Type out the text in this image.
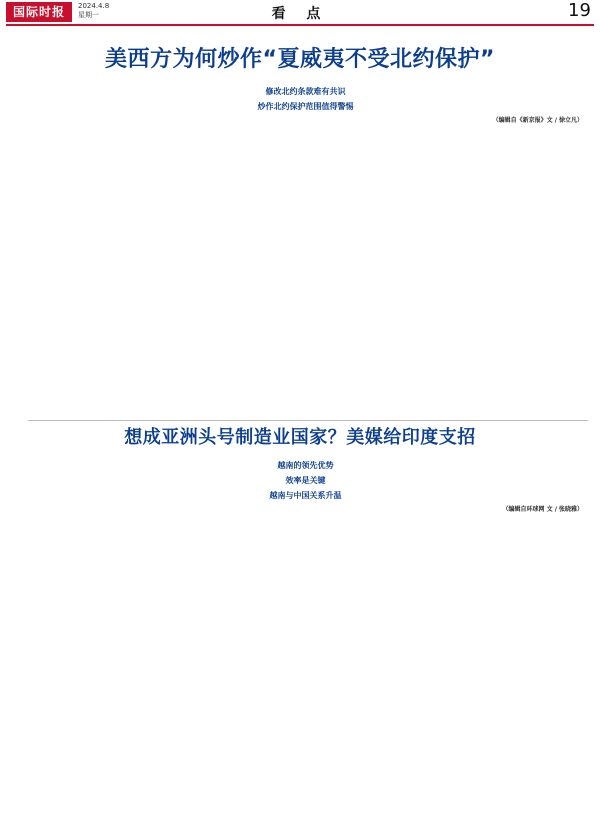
国际时报	2024.4.8
星期一	看 点	19
美西方为何炒作“夏威夷不受北约保护”

修改北约条款难有共识
炒作北约保护范围值得警惕
（编辑自《新京报》文 / 徐立凡）
想成亚洲头号制造业国家？美媒给印度支招

越南的领先优势
效率是关键
越南与中国关系升温
（编辑自环球网 文 / 张晓雅）
